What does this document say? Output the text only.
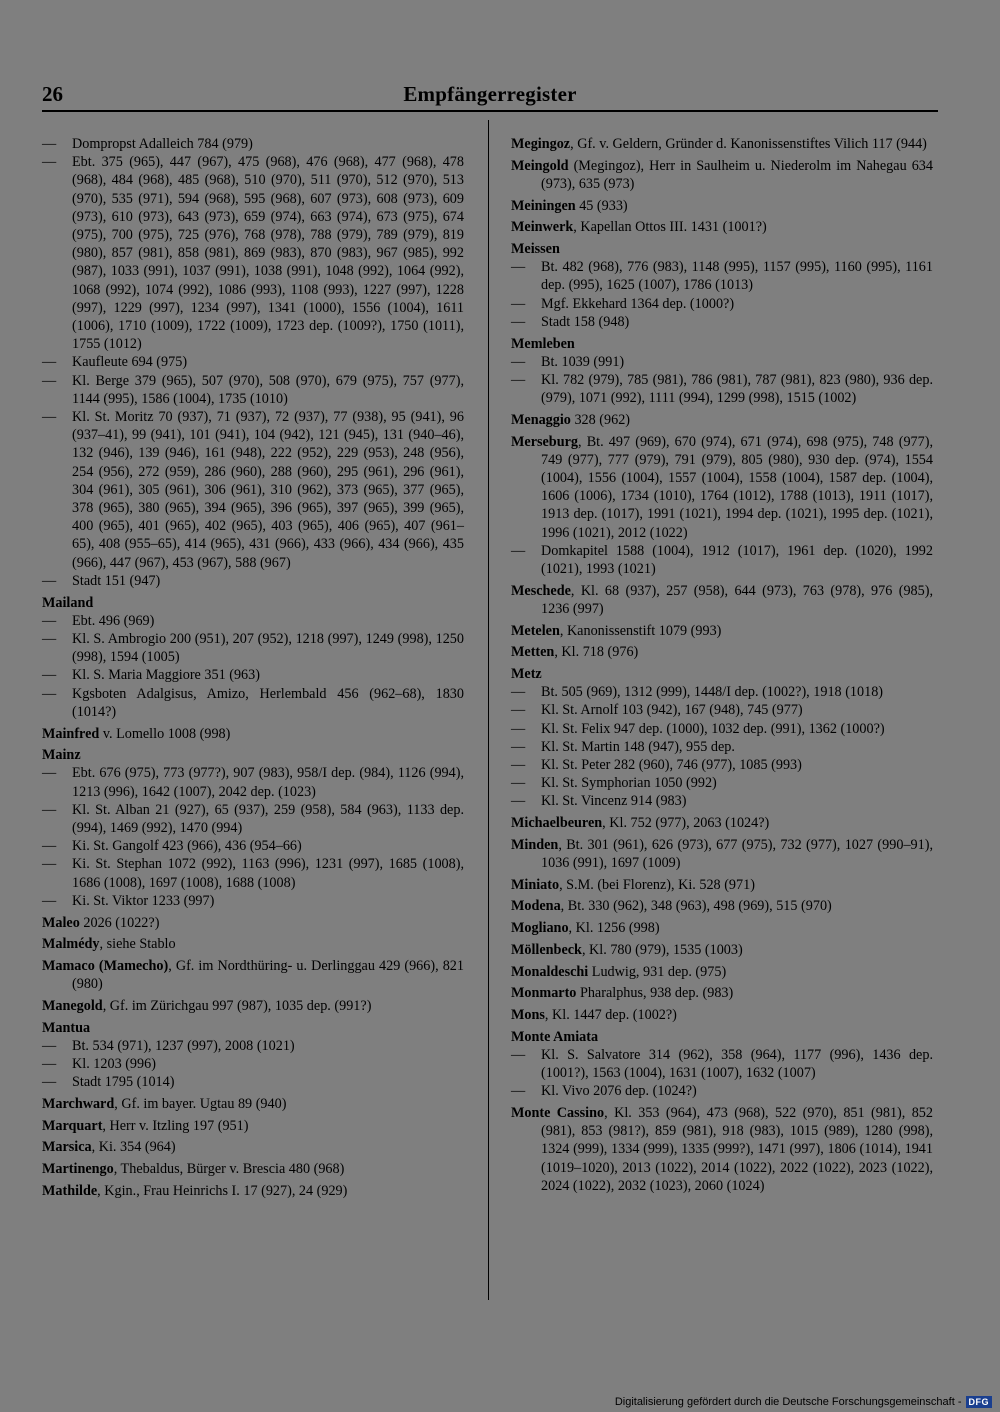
26	Empfängerregister
—	Dompropst Adalleich 784 (979)
—	Ebt. 375 (965), 447 (967), 475 (968), 476 (968), 477 (968), 478 (968), 484 (968), 485 (968), 510 (970), 511 (970), 512 (970), 513 (970), 535 (971), 594 (968), 595 (968), 607 (973), 608 (973), 609 (973), 610 (973), 643 (973), 659 (974), 663 (974), 673 (975), 674 (975), 700 (975), 725 (976), 768 (978), 788 (979), 789 (979), 819 (980), 857 (981), 858 (981), 869 (983), 870 (983), 967 (985), 992 (987), 1033 (991), 1037 (991), 1038 (991), 1048 (992), 1064 (992), 1068 (992), 1074 (992), 1086 (993), 1108 (993), 1227 (997), 1228 (997), 1229 (997), 1234 (997), 1341 (1000), 1556 (1004), 1611 (1006), 1710 (1009), 1722 (1009), 1723 dep. (1009?), 1750 (1011), 1755 (1012)
—	Kaufleute 694 (975)
—	Kl. Berge 379 (965), 507 (970), 508 (970), 679 (975), 757 (977), 1144 (995), 1586 (1004), 1735 (1010)
—	Kl. St. Moritz 70 (937), 71 (937), 72 (937), 77 (938), 95 (941), 96 (937–41), 99 (941), 101 (941), 104 (942), 121 (945), 131 (940–46), 132 (946), 139 (946), 161 (948), 222 (952), 229 (953), 248 (956), 254 (956), 272 (959), 286 (960), 288 (960), 295 (961), 296 (961), 304 (961), 305 (961), 306 (961), 310 (962), 373 (965), 377 (965), 378 (965), 380 (965), 394 (965), 396 (965), 397 (965), 399 (965), 400 (965), 401 (965), 402 (965), 403 (965), 406 (965), 407 (961–65), 408 (955–65), 414 (965), 431 (966), 433 (966), 434 (966), 435 (966), 447 (967), 453 (967), 588 (967)
—	Stadt 151 (947)
Mailand
—	Ebt. 496 (969)
—	Kl. S. Ambrogio 200 (951), 207 (952), 1218 (997), 1249 (998), 1250 (998), 1594 (1005)
—	Kl. S. Maria Maggiore 351 (963)
—	Kgsboten Adalgisus, Amizo, Herlembald 456 (962–68), 1830 (1014?)
Mainfred v. Lomello 1008 (998)
Mainz
—	Ebt. 676 (975), 773 (977?), 907 (983), 958/I dep. (984), 1126 (994), 1213 (996), 1642 (1007), 2042 dep. (1023)
—	Kl. St. Alban 21 (927), 65 (937), 259 (958), 584 (963), 1133 dep. (994), 1469 (992), 1470 (994)
—	Ki. St. Gangolf 423 (966), 436 (954–66)
—	Ki. St. Stephan 1072 (992), 1163 (996), 1231 (997), 1685 (1008), 1686 (1008), 1697 (1008), 1688 (1008)
—	Ki. St. Viktor 1233 (997)
Maleo 2026 (1022?)
Malmédy, siehe Stablo
Mamaco (Mamecho), Gf. im Nordthüring- u. Derlinggau 429 (966), 821 (980)
Manegold, Gf. im Zürichgau 997 (987), 1035 dep. (991?)
Mantua
—	Bt. 534 (971), 1237 (997), 2008 (1021)
—	Kl. 1203 (996)
—	Stadt 1795 (1014)
Marchward, Gf. im bayer. Ugtau 89 (940)
Marquart, Herr v. Itzling 197 (951)
Marsica, Ki. 354 (964)
Martinengo, Thebaldus, Bürger v. Brescia 480 (968)
Mathilde, Kgin., Frau Heinrichs I. 17 (927), 24 (929)
Megingoz, Gf. v. Geldern, Gründer d. Kanonissenstiftes Vilich 117 (944)
Meingold (Megingoz), Herr in Saulheim u. Niederolm im Nahegau 634 (973), 635 (973)
Meiningen 45 (933)
Meinwerk, Kapellan Ottos III. 1431 (1001?)
Meissen
—	Bt. 482 (968), 776 (983), 1148 (995), 1157 (995), 1160 (995), 1161 dep. (995), 1625 (1007), 1786 (1013)
—	Mgf. Ekkehard 1364 dep. (1000?)
—	Stadt 158 (948)
Memleben
—	Bt. 1039 (991)
—	Kl. 782 (979), 785 (981), 786 (981), 787 (981), 823 (980), 936 dep. (979), 1071 (992), 1111 (994), 1299 (998), 1515 (1002)
Menaggio 328 (962)
Merseburg, Bt. 497 (969), 670 (974), 671 (974), 698 (975), 748 (977), 749 (977), 777 (979), 791 (979), 805 (980), 930 dep. (974), 1554 (1004), 1556 (1004), 1557 (1004), 1558 (1004), 1587 dep. (1004), 1606 (1006), 1734 (1010), 1764 (1012), 1788 (1013), 1911 (1017), 1913 dep. (1017), 1991 (1021), 1994 dep. (1021), 1995 dep. (1021), 1996 (1021), 2012 (1022)
—	Domkapitel 1588 (1004), 1912 (1017), 1961 dep. (1020), 1992 (1021), 1993 (1021)
Meschede, Kl. 68 (937), 257 (958), 644 (973), 763 (978), 976 (985), 1236 (997)
Metelen, Kanonissenstift 1079 (993)
Metten, Kl. 718 (976)
Metz
—	Bt. 505 (969), 1312 (999), 1448/I dep. (1002?), 1918 (1018)
—	Kl. St. Arnolf 103 (942), 167 (948), 745 (977)
—	Kl. St. Felix 947 dep. (1000), 1032 dep. (991), 1362 (1000?)
—	Kl. St. Martin 148 (947), 955 dep.
—	Kl. St. Peter 282 (960), 746 (977), 1085 (993)
—	Kl. St. Symphorian 1050 (992)
—	Kl. St. Vincenz 914 (983)
Michaelbeuren, Kl. 752 (977), 2063 (1024?)
Minden, Bt. 301 (961), 626 (973), 677 (975), 732 (977), 1027 (990–91), 1036 (991), 1697 (1009)
Miniato, S.M. (bei Florenz), Ki. 528 (971)
Modena, Bt. 330 (962), 348 (963), 498 (969), 515 (970)
Mogliano, Kl. 1256 (998)
Möllenbeck, Kl. 780 (979), 1535 (1003)
Monaldeschi Ludwig, 931 dep. (975)
Monmarto Pharalphus, 938 dep. (983)
Mons, Kl. 1447 dep. (1002?)
Monte Amiata
—	Kl. S. Salvatore 314 (962), 358 (964), 1177 (996), 1436 dep. (1001?), 1563 (1004), 1631 (1007), 1632 (1007)
—	Kl. Vivo 2076 dep. (1024?)
Monte Cassino, Kl. 353 (964), 473 (968), 522 (970), 851 (981), 852 (981), 853 (981?), 859 (981), 918 (983), 1015 (989), 1280 (998), 1324 (999), 1334 (999), 1335 (999?), 1471 (997), 1806 (1014), 1941 (1019–1020), 2013 (1022), 2014 (1022), 2022 (1022), 2023 (1022), 2024 (1022), 2032 (1023), 2060 (1024)
Digitalisierung gefördert durch die Deutsche Forschungsgemeinschaft - DFG
